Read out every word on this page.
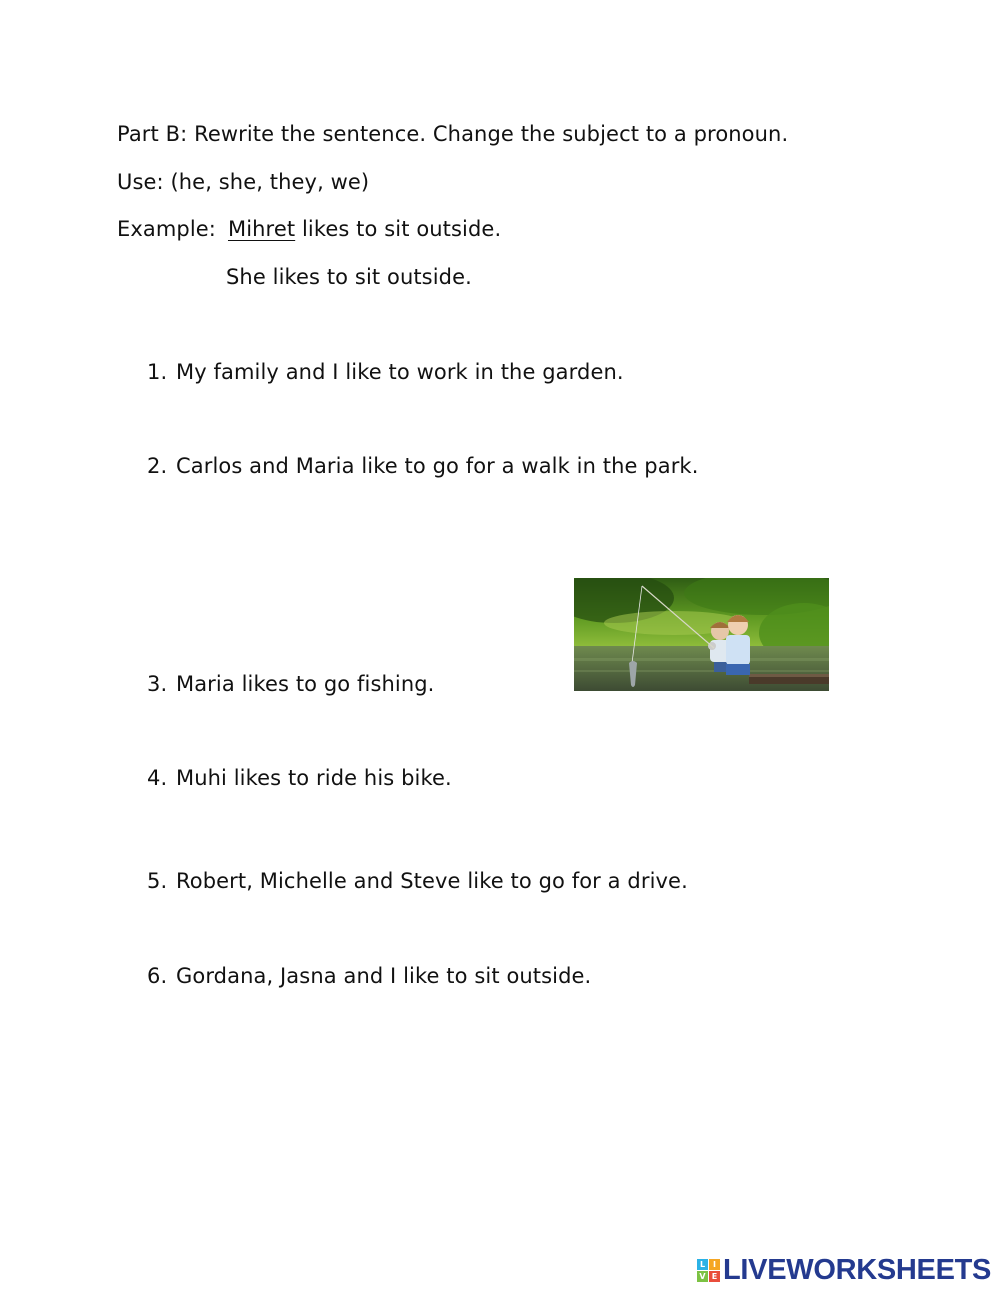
Part B: Rewrite the sentence. Change the subject to a pronoun.
Use: (he, she, they, we)
Example: Mihret likes to sit outside.
She likes to sit outside.
1. My family and I like to work in the garden.
2. Carlos and Maria like to go for a walk in the park.
3. Maria likes to go fishing.
4. Muhi likes to ride his bike.
5. Robert, Michelle and Steve like to go for a drive.
6. Gordana, Jasna and I like to sit outside.
L I
V E LIVEWORKSHEETS
